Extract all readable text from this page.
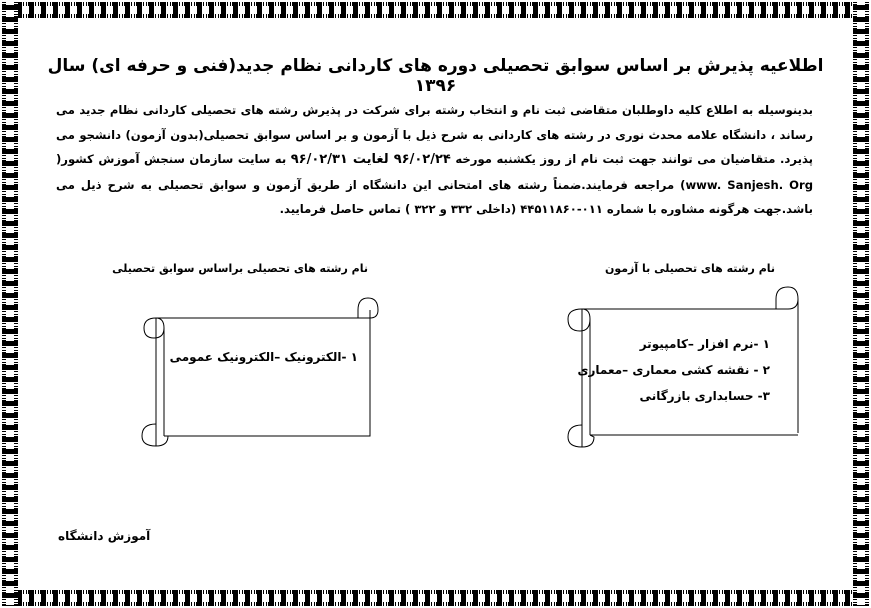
اطلاعیه پذیرش بر اساس سوابق تحصیلی دوره های کاردانی نظام جدید(فنی و حرفه ای) سال ۱۳۹۶
بدینوسیله به اطلاع کلیه داوطلبان متقاضی ثبت نام و انتخاب رشته برای شرکت در پذیرش رشته های تحصیلی کاردانی نظام جدید می رساند ، دانشگاه علامه محدث نوری در رشته های کاردانی به شرح ذیل با آزمون و بر اساس سوابق تحصیلی(بدون آزمون) دانشجو می پذیرد. متقاضیان می توانند جهت ثبت نام از روز یکشنبه مورخه ۹۶/۰۲/۲۴ لغایت ۹۶/۰۲/۳۱ به سایت سازمان سنجش آموزش کشور( www. Sanjesh. Org) مراجعه فرمایند.ضمناً رشته های امتحانی این دانشگاه از طریق آزمون و سوابق تحصیلی به شرح ذیل می باشد.جهت هرگونه مشاوره با شماره ۰۱۱-۴۴۵۱۱۸۶۰ (داخلی ۳۳۲ و ۳۲۲ ) تماس حاصل فرمایید.
نام رشته های تحصیلی با آزمون
نام رشته های تحصیلی براساس سوابق تحصیلی
۱ -الکترونیک –الکترونیک عمومی
۱ -نرم افزار –کامپیوتر
۲ - نقشه کشی معماری –معماری
۳- حسابداری بازرگانی
آموزش دانشگاه
